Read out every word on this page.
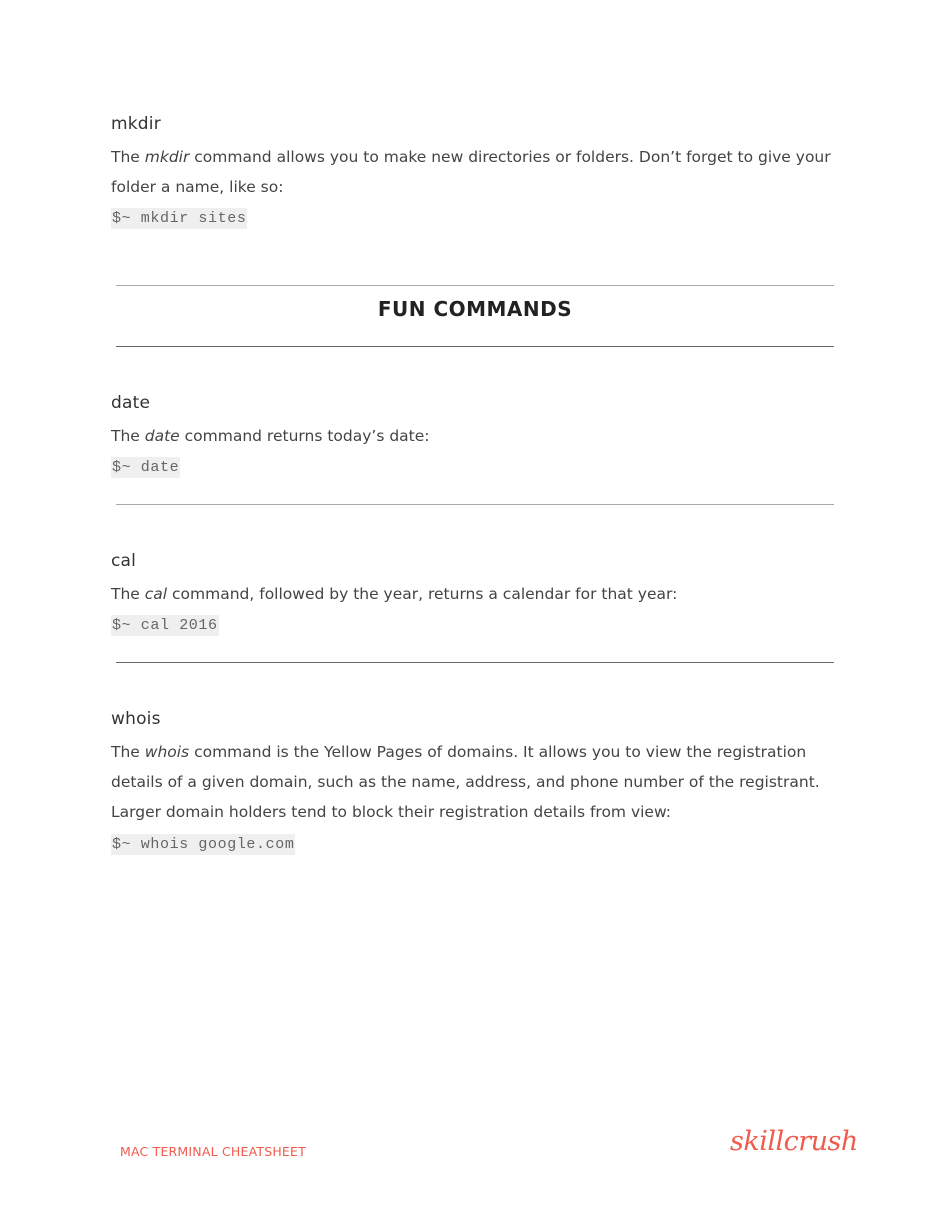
mkdir

The mkdir command allows you to make new directories or folders. Don’t forget to give your folder a name, like so:

$~ mkdir sites
FUN COMMANDS
date

The date command returns today’s date:

$~ date
cal

The cal command, followed by the year, returns a calendar for that year:

$~ cal 2016
whois

The whois command is the Yellow Pages of domains. It allows you to view the registration details of a given domain, such as the name, address, and phone number of the registrant. Larger domain holders tend to block their registration details from view:

$~ whois google.com
MAC TERMINAL CHEATSHEET	skillcrush
